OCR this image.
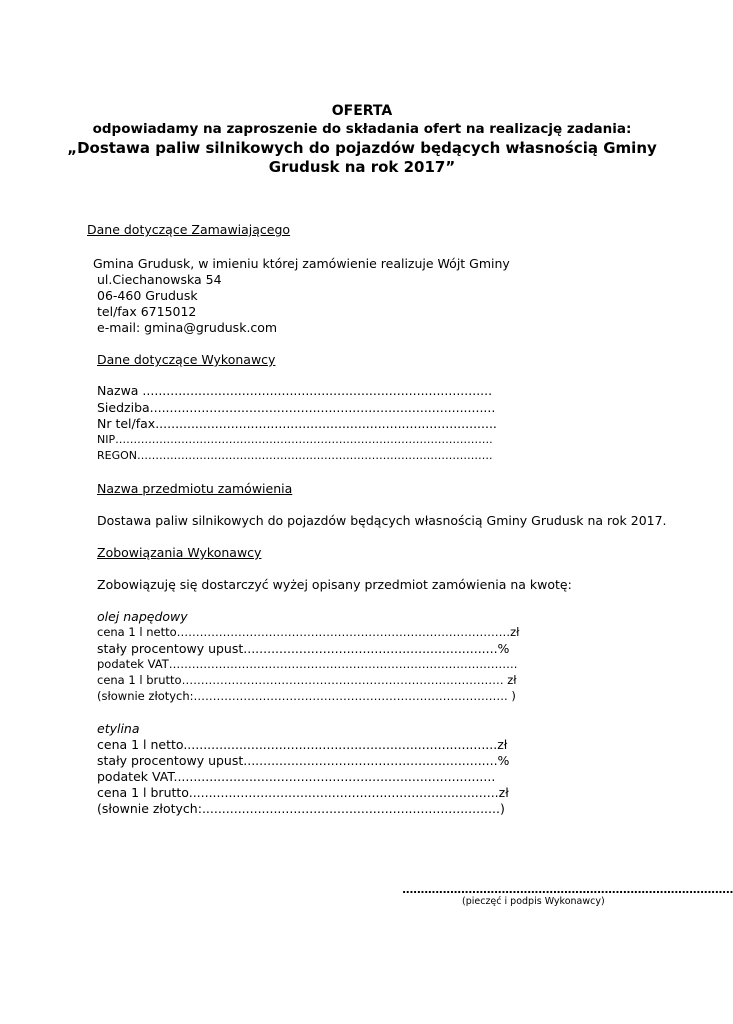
OFERTA
odpowiadamy na zaproszenie do składania ofert na realizację zadania:
„Dostawa paliw silnikowych do pojazdów będących własnością Gminy
Grudusk na rok 2017”
Dane dotyczące Zamawiającego
Gmina Grudusk, w imieniu której zamówienie realizuje Wójt Gminy
ul.Ciechanowska 54
06-460 Grudusk
tel/fax 6715012
e-mail: gmina@grudusk.com
Dane dotyczące Wykonawcy
Nazwa ........................................................................................
Siedziba.......................................................................................
Nr tel/fax......................................................................................
NIP………………………………………………………………………………………….
REGON…………………………………………………………………………………….
Nazwa przedmiotu zamówienia
Dostawa paliw silnikowych do pojazdów będących własnością Gminy Grudusk na rok 2017.
Zobowiązania Wykonawcy
Zobowiązuję się dostarczyć wyżej opisany przedmiot zamówienia na kwotę:
olej napędowy
cena 1 l netto……………………………………………………………………………zł
stały procentowy upust................................................................%
podatek VAT……………………………………………………………………………….
cena 1 l brutto………………………………………………………………………… zł
(słownie złotych:………………………………………………………………………. )
etylina
cena 1 l netto...............................................................................zł
stały procentowy upust................................................................%
podatek VAT.................................................................................
cena 1 l brutto..............................................................................zł
(słownie złotych:...........................................................................)
..........................................................................................
(pieczęć i podpis Wykonawcy)
